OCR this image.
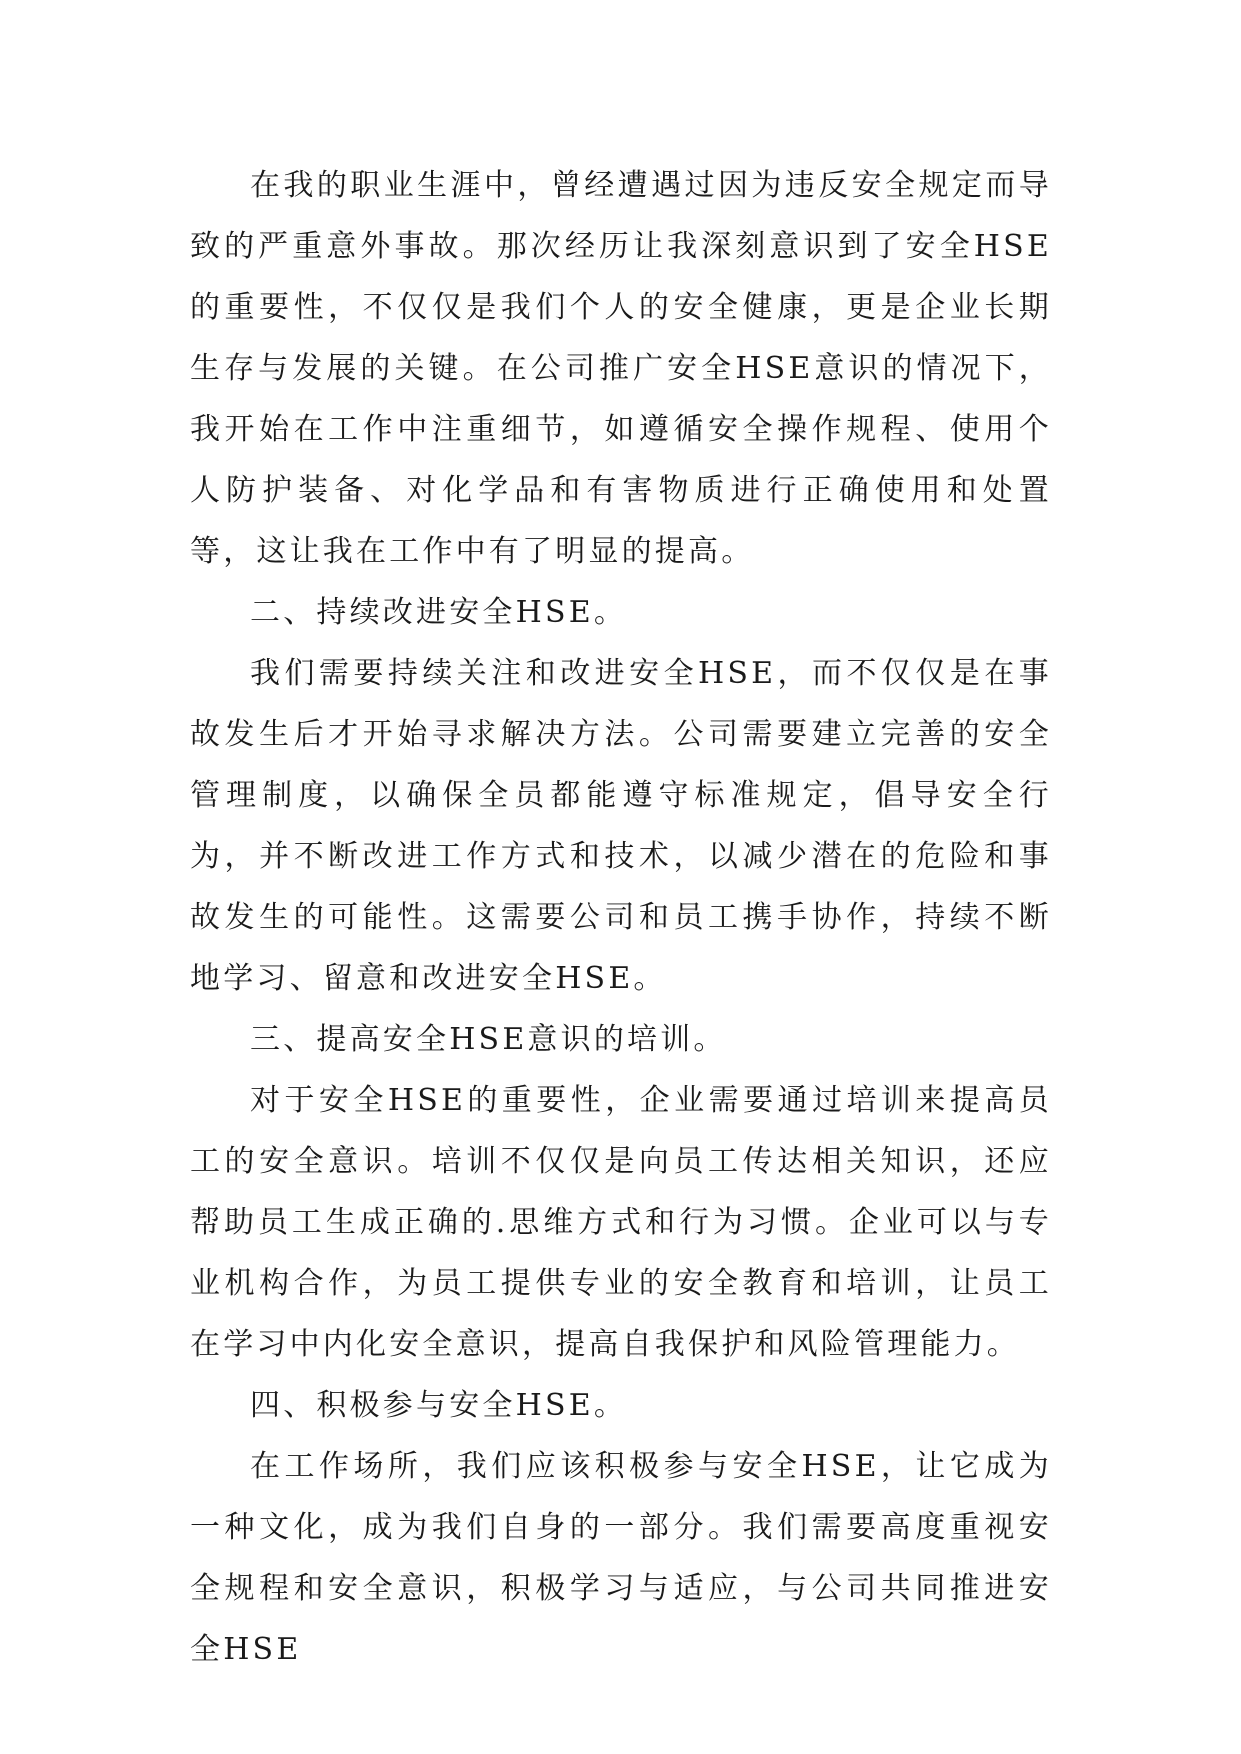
在我的职业生涯中，曾经遭遇过因为违反安全规定而导致的严重意外事故。那次经历让我深刻意识到了安全HSE的重要性，不仅仅是我们个人的安全健康，更是企业长期生存与发展的关键。在公司推广安全HSE意识的情况下，我开始在工作中注重细节，如遵循安全操作规程、使用个人防护装备、对化学品和有害物质进行正确使用和处置等，这让我在工作中有了明显的提高。

二、持续改进安全HSE。

我们需要持续关注和改进安全HSE，而不仅仅是在事故发生后才开始寻求解决方法。公司需要建立完善的安全管理制度，以确保全员都能遵守标准规定，倡导安全行为，并不断改进工作方式和技术，以减少潜在的危险和事故发生的可能性。这需要公司和员工携手协作，持续不断地学习、留意和改进安全HSE。

三、提高安全HSE意识的培训。

对于安全HSE的重要性，企业需要通过培训来提高员工的安全意识。培训不仅仅是向员工传达相关知识，还应帮助员工生成正确的.思维方式和行为习惯。企业可以与专业机构合作，为员工提供专业的安全教育和培训，让员工在学习中内化安全意识，提高自我保护和风险管理能力。

四、积极参与安全HSE。

在工作场所，我们应该积极参与安全HSE，让它成为一种文化，成为我们自身的一部分。我们需要高度重视安全规程和安全意识，积极学习与适应，与公司共同推进安全HSE
